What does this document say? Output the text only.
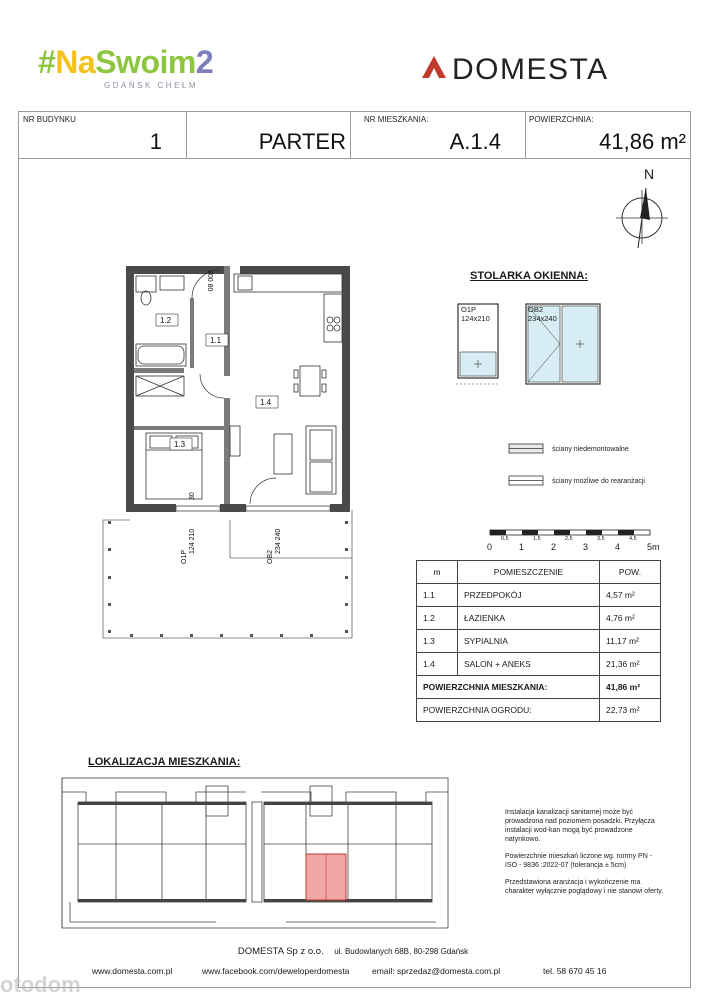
#NaSwoim2
GDAŃSK CHEŁM	DOMESTA
NR BUDYNKU
1	PARTER
NR MIESZKANIA:
A.1.4
POWIERZCHNIA:
41,86 m²
N
1.2
1.1
1.3
1.4
30
200 80
O1P
124 210
OB2
234 240
STOLARKA OKIENNA:
O1P
124x210
OB2
234x240
ściany niedemontowalne
ściany możliwe do rearanżacji
0.5	1.5	2.5	3.5	4.5
0	1	2	3	4	5m
m	POMIESZCZENIE	POW.
1.1	PRZEDPOKÓJ	4,57 m²
1.2	ŁAZIENKA	4,76 m²
1.3	SYPIALNIA	11,17 m²
1.4	SALON + ANEKS	21,36 m²
POWIERZCHNIA MIESZKANIA:		41,86 m²
POWIERZCHNIA OGRODU:		22,73 m²
LOKALIZACJA MIESZKANIA:
Instalacja kanalizacji sanitarnej może być prowadzona nad poziomem posadzki. Przyłącza instalacji wod-kan mogą być prowadzone natynkowo.
Powierzchnie mieszkań liczone wg. normy PN - ISO - 9836 :2022-07 (tolerancja ± 5cm)
Przedstawiona aranżacja i wykończenie ma charakter wyłącznie poglądowy i nie stanowi oferty.
DOMESTA Sp z o.o. ul. Budowlanych 68B, 80-298 Gdańsk
www.domesta.com.pl	www.facebook.com/deweloperdomesta	email: sprzedaz@domesta.com.pl	tel. 58 670 45 16
otodom
